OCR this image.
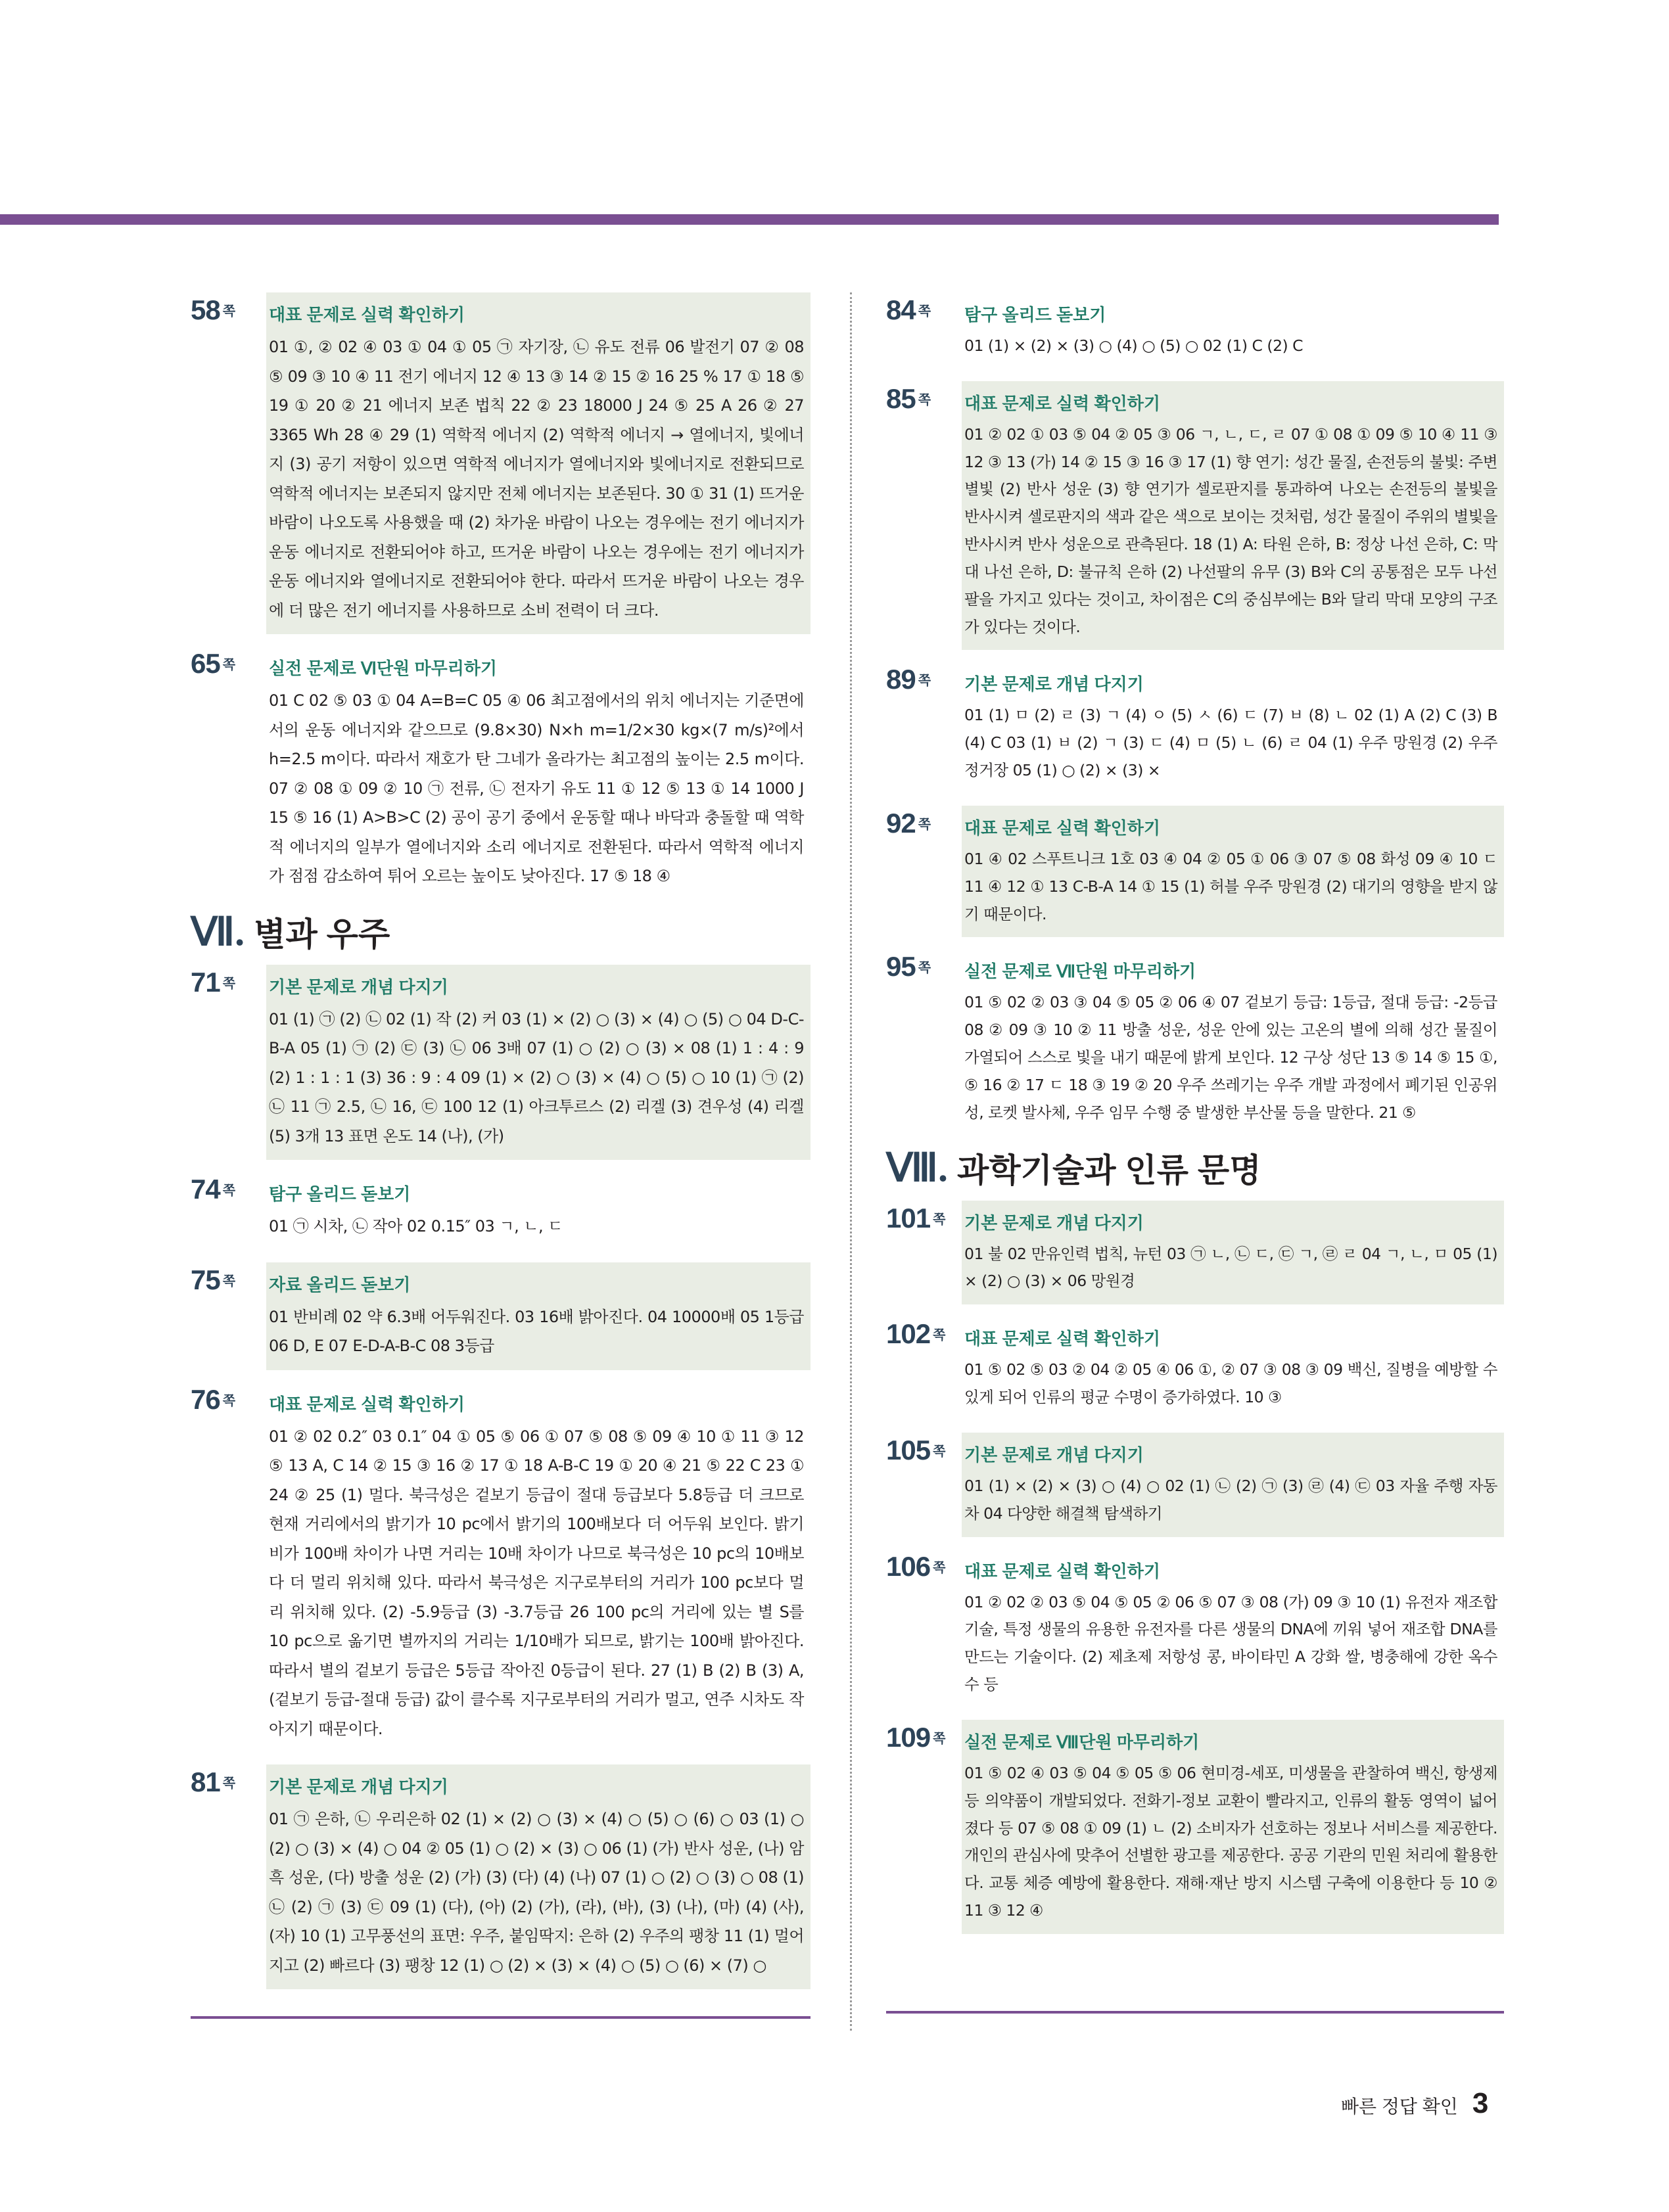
58 $^쪽$	대표 문제로 실력 확인하기
01 ①, ② 02 ④ 03 ① 04 ① 05 ㉠ 자기장, ㉡ 유도 전류 06 발전기 07 ② 08 ⑤ 09 ③ 10 ④ 11 전기 에너지 12 ④ 13 ③ 14 ② 15 ② 16 25 % 17 ① 18 ⑤ 19 ① 20 ② 21 에너지 보존 법칙 22 ② 23 18000 J 24 ⑤ 25 A 26 ② 27 3365 Wh 28 ④ 29 (1) 역학적 에너지 (2) 역학적 에너지 → 열에너지, 빛에너지 (3) 공기 저항이 있으면 역학적 에너지가 열에너지와 빛에너지로 전환되므로 역학적 에너지는 보존되지 않지만 전체 에너지는 보존된다. 30 ① 31 (1) 뜨거운 바람이 나오도록 사용했을 때 (2) 차가운 바람이 나오는 경우에는 전기 에너지가 운동 에너지로 전환되어야 하고, 뜨거운 바람이 나오는 경우에는 전기 에너지가 운동 에너지와 열에너지로 전환되어야 한다. 따라서 뜨거운 바람이 나오는 경우에 더 많은 전기 에너지를 사용하므로 소비 전력이 더 크다.
65 $^쪽$	실전 문제로 Ⅵ단원 마무리하기
01 C 02 ⑤ 03 ① 04 A=B=C 05 ④ 06 최고점에서의 위치 에너지는 기준면에서의 운동 에너지와 같으므로 (9.8×30) N×h m=1/2×30 kg×(7 m/s)²에서 h=2.5 m이다. 따라서 재호가 탄 그네가 올라가는 최고점의 높이는 2.5 m이다. 07 ② 08 ① 09 ② 10 ㉠ 전류, ㉡ 전자기 유도 11 ① 12 ⑤ 13 ① 14 1000 J 15 ⑤ 16 (1) A>B>C (2) 공이 공기 중에서 운동할 때나 바닥과 충돌할 때 역학적 에너지의 일부가 열에너지와 소리 에너지로 전환된다. 따라서 역학적 에너지가 점점 감소하여 튀어 오르는 높이도 낮아진다. 17 ⑤ 18 ④
Ⅶ. 별과 우주
71 $^쪽$	기본 문제로 개념 다지기
01 (1) ㉠ (2) ㉡ 02 (1) 작 (2) 커 03 (1) × (2) ○ (3) × (4) ○ (5) ○ 04 D-C-B-A 05 (1) ㉠ (2) ㉢ (3) ㉡ 06 3배 07 (1) ○ (2) ○ (3) × 08 (1) 1 : 4 : 9 (2) 1 : 1 : 1 (3) 36 : 9 : 4 09 (1) × (2) ○ (3) × (4) ○ (5) ○ 10 (1) ㉠ (2) ㉡ 11 ㉠ 2.5, ㉡ 16, ㉢ 100 12 (1) 아크투르스 (2) 리겔 (3) 견우성 (4) 리겔 (5) 3개 13 표면 온도 14 (나), (가)
74 $^쪽$	탐구 올리드 돋보기
01 ㉠ 시차, ㉡ 작아 02 0.15″ 03 ㄱ, ㄴ, ㄷ
75 $^쪽$	자료 올리드 돋보기
01 반비례 02 약 6.3배 어두워진다. 03 16배 밝아진다. 04 10000배 05 1등급 06 D, E 07 E-D-A-B-C 08 3등급
76 $^쪽$	대표 문제로 실력 확인하기
01 ② 02 0.2″ 03 0.1″ 04 ① 05 ⑤ 06 ① 07 ⑤ 08 ⑤ 09 ④ 10 ① 11 ③ 12 ⑤ 13 A, C 14 ② 15 ③ 16 ② 17 ① 18 A-B-C 19 ① 20 ④ 21 ⑤ 22 C 23 ① 24 ② 25 (1) 멀다. 북극성은 겉보기 등급이 절대 등급보다 5.8등급 더 크므로 현재 거리에서의 밝기가 10 pc에서 밝기의 100배보다 더 어두워 보인다. 밝기 비가 100배 차이가 나면 거리는 10배 차이가 나므로 북극성은 10 pc의 10배보다 더 멀리 위치해 있다. 따라서 북극성은 지구로부터의 거리가 100 pc보다 멀리 위치해 있다. (2) -5.9등급 (3) -3.7등급 26 100 pc의 거리에 있는 별 S를 10 pc으로 옮기면 별까지의 거리는 1/10배가 되므로, 밝기는 100배 밝아진다. 따라서 별의 겉보기 등급은 5등급 작아진 0등급이 된다. 27 (1) B (2) B (3) A, (겉보기 등급-절대 등급) 값이 클수록 지구로부터의 거리가 멀고, 연주 시차도 작아지기 때문이다.
81 $^쪽$	기본 문제로 개념 다지기
01 ㉠ 은하, ㉡ 우리은하 02 (1) × (2) ○ (3) × (4) ○ (5) ○ (6) ○ 03 (1) ○ (2) ○ (3) × (4) ○ 04 ② 05 (1) ○ (2) × (3) ○ 06 (1) (가) 반사 성운, (나) 암흑 성운, (다) 방출 성운 (2) (가) (3) (다) (4) (나) 07 (1) ○ (2) ○ (3) ○ 08 (1) ㉡ (2) ㉠ (3) ㉢ 09 (1) (다), (아) (2) (가), (라), (바), (3) (나), (마) (4) (사), (자) 10 (1) 고무풍선의 표면: 우주, 붙임딱지: 은하 (2) 우주의 팽창 11 (1) 멀어지고 (2) 빠르다 (3) 팽창 12 (1) ○ (2) × (3) × (4) ○ (5) ○ (6) × (7) ○
84 $^쪽$	탐구 올리드 돋보기
01 (1) × (2) × (3) ○ (4) ○ (5) ○ 02 (1) C (2) C
85 $^쪽$	대표 문제로 실력 확인하기
01 ② 02 ① 03 ⑤ 04 ② 05 ③ 06 ㄱ, ㄴ, ㄷ, ㄹ 07 ① 08 ① 09 ⑤ 10 ④ 11 ③ 12 ③ 13 (가) 14 ② 15 ③ 16 ③ 17 (1) 향 연기: 성간 물질, 손전등의 불빛: 주변 별빛 (2) 반사 성운 (3) 향 연기가 셀로판지를 통과하여 나오는 손전등의 불빛을 반사시켜 셀로판지의 색과 같은 색으로 보이는 것처럼, 성간 물질이 주위의 별빛을 반사시켜 반사 성운으로 관측된다. 18 (1) A: 타원 은하, B: 정상 나선 은하, C: 막대 나선 은하, D: 불규칙 은하 (2) 나선팔의 유무 (3) B와 C의 공통점은 모두 나선팔을 가지고 있다는 것이고, 차이점은 C의 중심부에는 B와 달리 막대 모양의 구조가 있다는 것이다.
89 $^쪽$	기본 문제로 개념 다지기
01 (1) ㅁ (2) ㄹ (3) ㄱ (4) ㅇ (5) ㅅ (6) ㄷ (7) ㅂ (8) ㄴ 02 (1) A (2) C (3) B (4) C 03 (1) ㅂ (2) ㄱ (3) ㄷ (4) ㅁ (5) ㄴ (6) ㄹ 04 (1) 우주 망원경 (2) 우주 정거장 05 (1) ○ (2) × (3) ×
92 $^쪽$	대표 문제로 실력 확인하기
01 ④ 02 스푸트니크 1호 03 ④ 04 ② 05 ① 06 ③ 07 ⑤ 08 화성 09 ④ 10 ㄷ 11 ④ 12 ① 13 C-B-A 14 ① 15 (1) 허블 우주 망원경 (2) 대기의 영향을 받지 않기 때문이다.
95 $^쪽$	실전 문제로 Ⅶ단원 마무리하기
01 ⑤ 02 ② 03 ③ 04 ⑤ 05 ② 06 ④ 07 겉보기 등급: 1등급, 절대 등급: -2등급 08 ② 09 ③ 10 ② 11 방출 성운, 성운 안에 있는 고온의 별에 의해 성간 물질이 가열되어 스스로 빛을 내기 때문에 밝게 보인다. 12 구상 성단 13 ⑤ 14 ⑤ 15 ①, ⑤ 16 ② 17 ㄷ 18 ③ 19 ② 20 우주 쓰레기는 우주 개발 과정에서 폐기된 인공위성, 로켓 발사체, 우주 임무 수행 중 발생한 부산물 등을 말한다. 21 ⑤
Ⅷ. 과학기술과 인류 문명
101 $^쪽$	기본 문제로 개념 다지기
01 불 02 만유인력 법칙, 뉴턴 03 ㉠ ㄴ, ㉡ ㄷ, ㉢ ㄱ, ㉣ ㄹ 04 ㄱ, ㄴ, ㅁ 05 (1) × (2) ○ (3) × 06 망원경
102 $^쪽$	대표 문제로 실력 확인하기
01 ⑤ 02 ⑤ 03 ② 04 ② 05 ④ 06 ①, ② 07 ③ 08 ③ 09 백신, 질병을 예방할 수 있게 되어 인류의 평균 수명이 증가하였다. 10 ③
105 $^쪽$	기본 문제로 개념 다지기
01 (1) × (2) × (3) ○ (4) ○ 02 (1) ㉡ (2) ㉠ (3) ㉣ (4) ㉢ 03 자율 주행 자동차 04 다양한 해결책 탐색하기
106 $^쪽$	대표 문제로 실력 확인하기
01 ② 02 ② 03 ⑤ 04 ⑤ 05 ② 06 ⑤ 07 ③ 08 (가) 09 ③ 10 (1) 유전자 재조합 기술, 특정 생물의 유용한 유전자를 다른 생물의 DNA에 끼워 넣어 재조합 DNA를 만드는 기술이다. (2) 제초제 저항성 콩, 바이타민 A 강화 쌀, 병충해에 강한 옥수수 등
109 $^쪽$	실전 문제로 Ⅷ단원 마무리하기
01 ⑤ 02 ④ 03 ⑤ 04 ⑤ 05 ⑤ 06 현미경-세포, 미생물을 관찰하여 백신, 항생제 등 의약품이 개발되었다. 전화기-정보 교환이 빨라지고, 인류의 활동 영역이 넓어졌다 등 07 ⑤ 08 ① 09 (1) ㄴ (2) 소비자가 선호하는 정보나 서비스를 제공한다. 개인의 관심사에 맞추어 선별한 광고를 제공한다. 공공 기관의 민원 처리에 활용한다. 교통 체증 예방에 활용한다. 재해·재난 방지 시스템 구축에 이용한다 등 10 ② 11 ③ 12 ④
빠른 정답 확인 3
